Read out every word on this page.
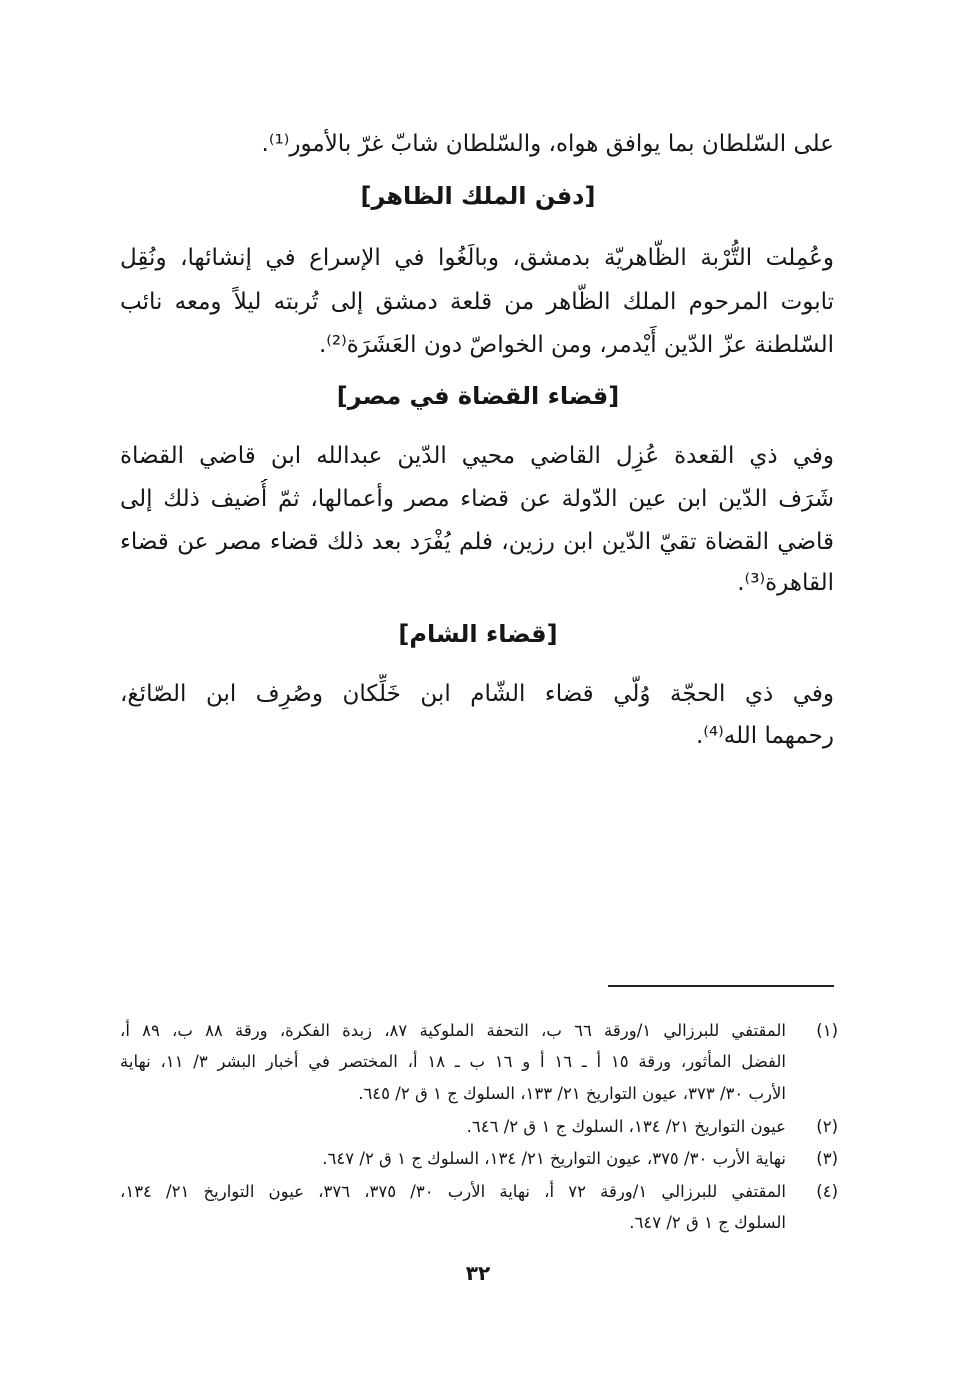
على السّلطان بما يوافق هواه، والسّلطان شابّ غرّ بالأمور⁽¹⁾.
[دفن الملك الظاهر]
وعُمِلت التُّرْبة الظّاهريّة بدمشق، وبالَغُوا في الإسراع في إنشائها، ونُقِل
تابوت المرحوم الملك الظّاهر من قلعة دمشق إلى تُربته ليلاً ومعه نائب
السّلطنة عزّ الدّين أَيْدمر، ومن الخواصّ دون العَشَرَة⁽²⁾.
[قضاء القضاة في مصر]
وفي ذي القعدة عُزِل القاضي محيي الدّين عبدالله ابن قاضي القضاة
شَرَف الدّين ابن عين الدّولة عن قضاء مصر وأعمالها، ثمّ أُضيف ذلك إلى
قاضي القضاة تقيّ الدّين ابن رزين، فلم يُفْرَد بعد ذلك قضاء مصر عن قضاء
القاهرة⁽³⁾.
[قضاء الشام]
وفي ذي الحجّة وُلّي قضاء الشّام ابن خَلِّكان وصُرِف ابن الصّائغ،
رحمهما الله⁽⁴⁾.
(١)
المقتفي للبرزالي ١/ورقة ٦٦ ب، التحفة الملوكية ٨٧، زبدة الفكرة، ورقة ٨٨ ب، ٨٩ أ،
الفضل المأثور، ورقة ١٥ أ ـ ١٦ أ و ١٦ ب ـ ١٨ أ، المختصر في أخبار البشر ٣/ ١١، نهاية
الأرب ٣٠/ ٣٧٣، عيون التواريخ ٢١/ ١٣٣، السلوك ج ١ ق ٢/ ٦٤٥.
(٢)
عيون التواريخ ٢١/ ١٣٤، السلوك ج ١ ق ٢/ ٦٤٦.
(٣)
نهاية الأرب ٣٠/ ٣٧٥، عيون التواريخ ٢١/ ١٣٤، السلوك ج ١ ق ٢/ ٦٤٧.
(٤)
المقتفي للبرزالي ١/ورقة ٧٢ أ، نهاية الأرب ٣٠/ ٣٧٥، ٣٧٦، عيون التواريخ ٢١/ ١٣٤،
السلوك ج ١ ق ٢/ ٦٤٧.
٣٢
